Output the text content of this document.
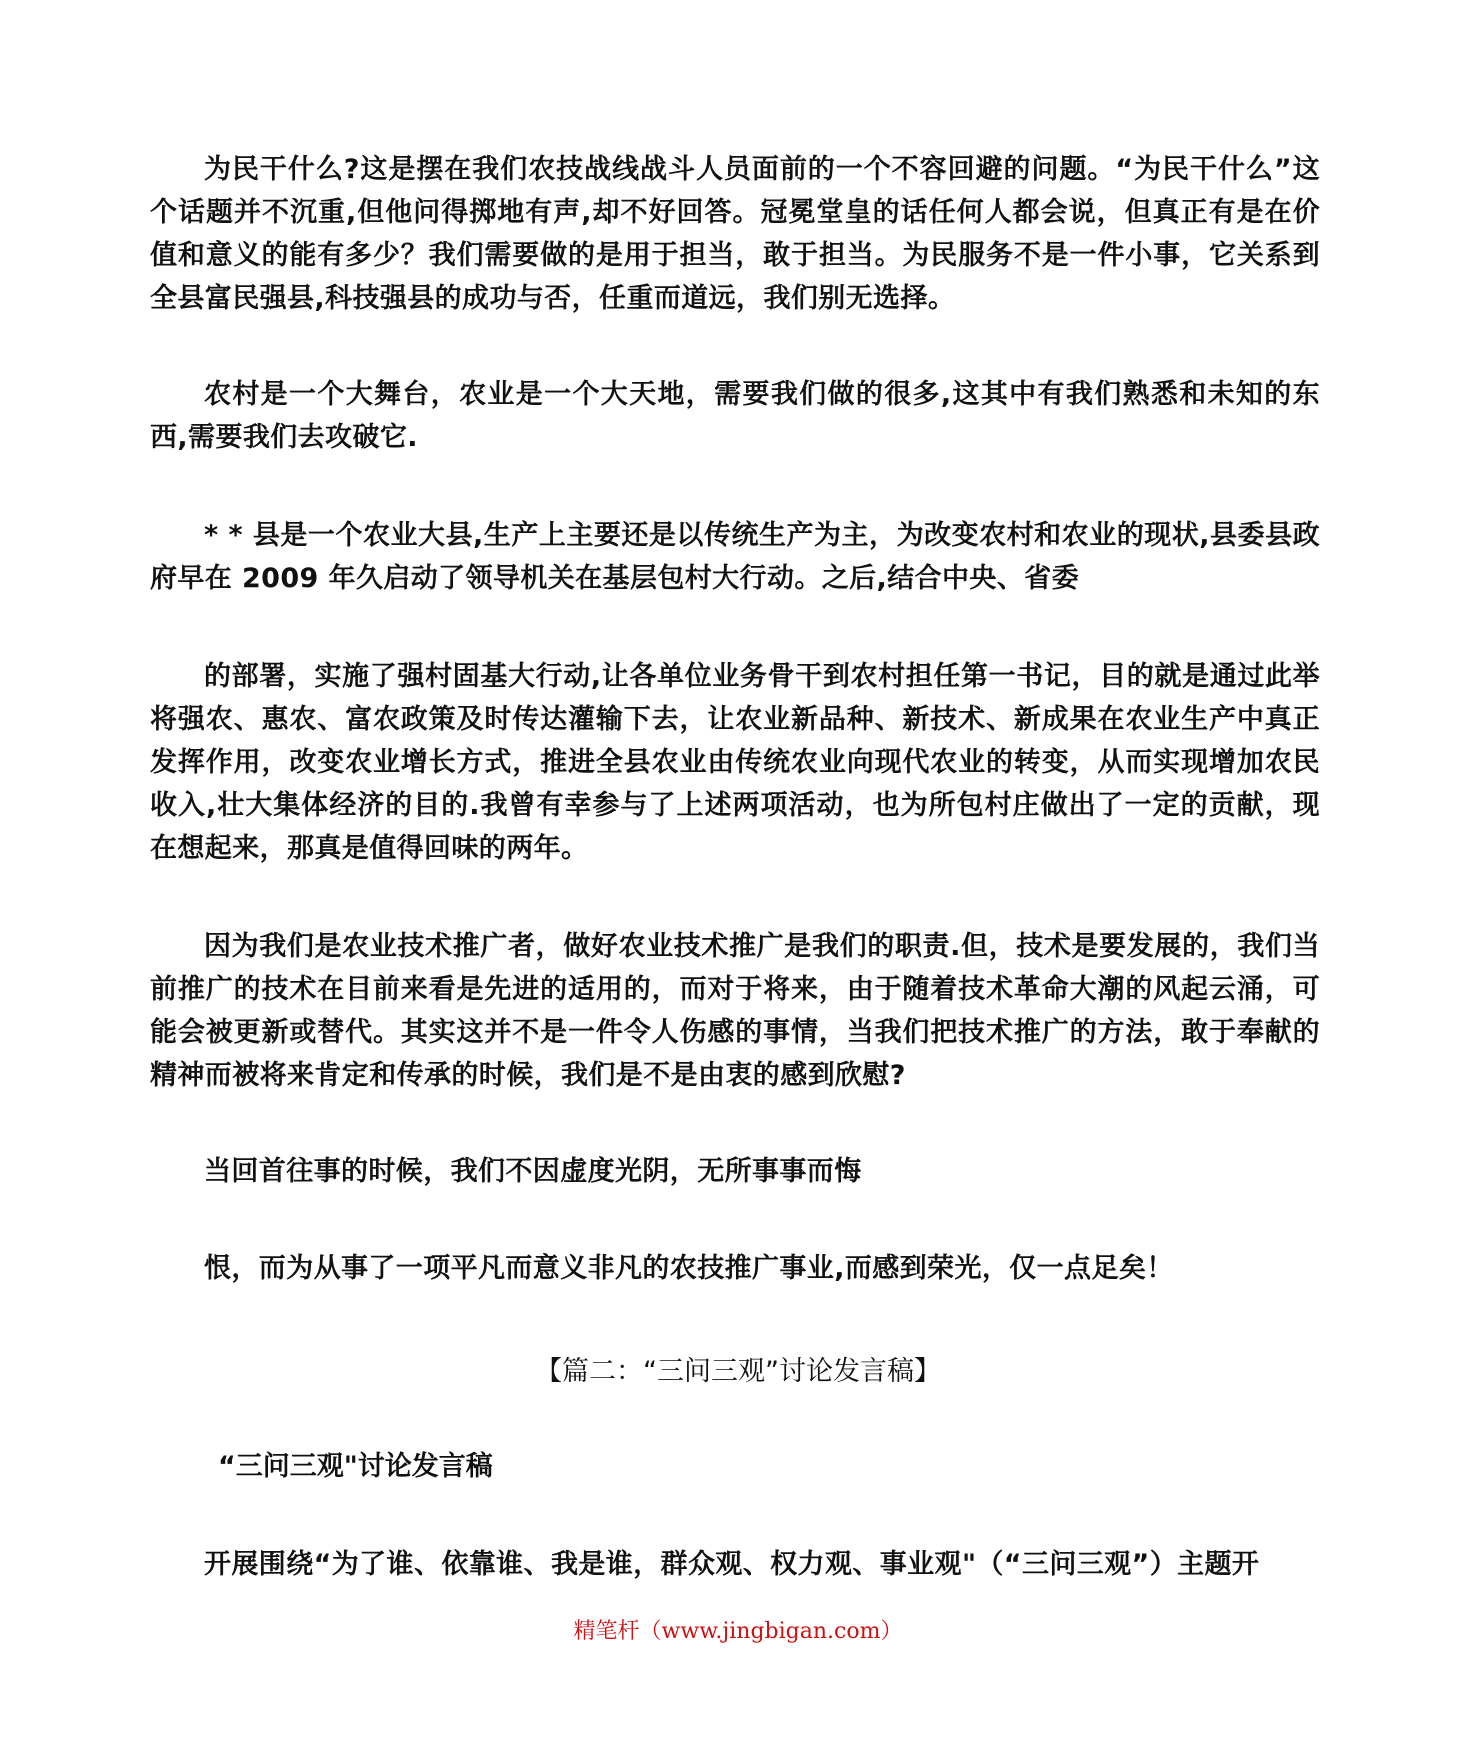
为民干什么?这是摆在我们农技战线战斗人员面前的一个不容回避的问题。“为民干什么”这个话题并不沉重,但他问得掷地有声,却不好回答。冠冕堂皇的话任何人都会说，但真正有是在价值和意义的能有多少？我们需要做的是用于担当，敢于担当。为民服务不是一件小事，它关系到全县富民强县,科技强县的成功与否，任重而道远，我们别无选择。

农村是一个大舞台，农业是一个大天地，需要我们做的很多,这其中有我们熟悉和未知的东西,需要我们去攻破它.

* * 县是一个农业大县,生产上主要还是以传统生产为主，为改变农村和农业的现状,县委县政府早在 2009 年久启动了领导机关在基层包村大行动。之后,结合中央、省委

的部署，实施了强村固基大行动,让各单位业务骨干到农村担任第一书记，目的就是通过此举将强农、惠农、富农政策及时传达灌输下去，让农业新品种、新技术、新成果在农业生产中真正发挥作用，改变农业增长方式，推进全县农业由传统农业向现代农业的转变，从而实现增加农民收入,壮大集体经济的目的.我曾有幸参与了上述两项活动，也为所包村庄做出了一定的贡献，现在想起来，那真是值得回味的两年。

因为我们是农业技术推广者，做好农业技术推广是我们的职责.但，技术是要发展的，我们当前推广的技术在目前来看是先进的适用的，而对于将来，由于随着技术革命大潮的风起云涌，可能会被更新或替代。其实这并不是一件令人伤感的事情，当我们把技术推广的方法，敢于奉献的精神而被将来肯定和传承的时候，我们是不是由衷的感到欣慰?

当回首往事的时候，我们不因虚度光阴，无所事事而悔

恨，而为从事了一项平凡而意义非凡的农技推广事业,而感到荣光，仅一点足矣！

【篇二：“三问三观”讨论发言稿】

“三问三观"讨论发言稿

开展围绕“为了谁、依靠谁、我是谁，群众观、权力观、事业观"（“三问三观”）主题开

精笔杆（www.jingbigan.com）
